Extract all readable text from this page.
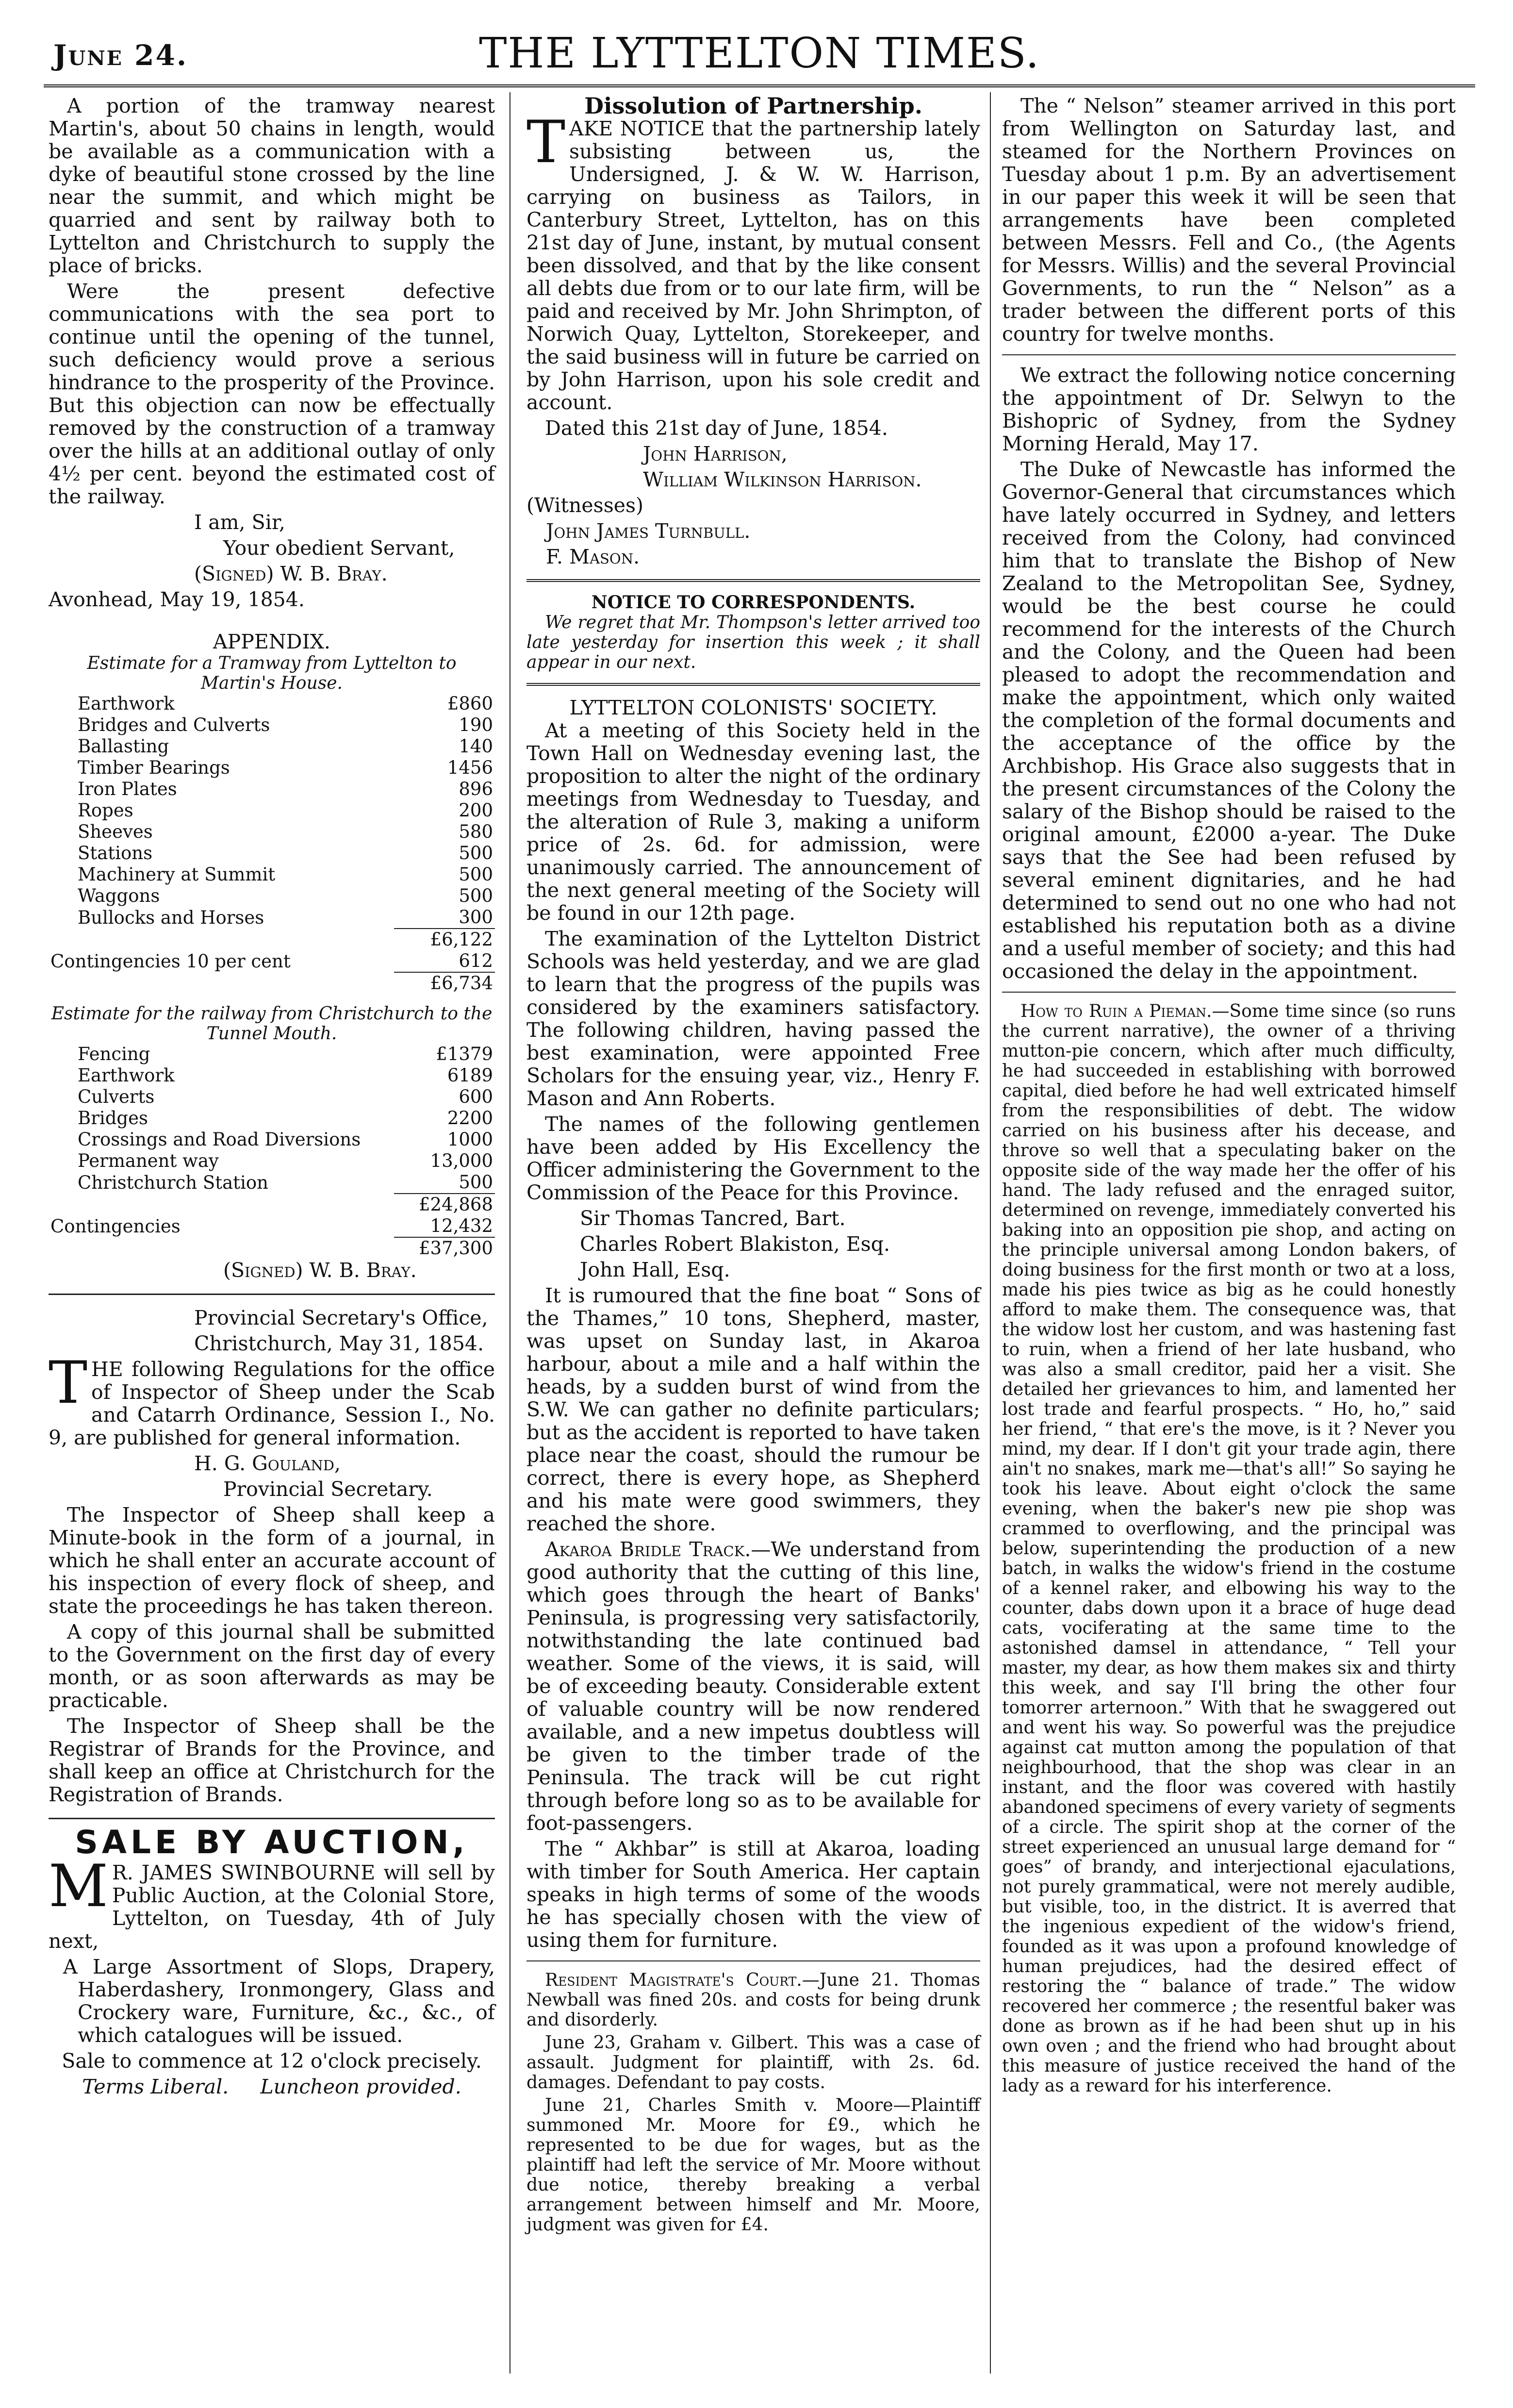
June 24.	THE LYTTELTON TIMES.

A portion of the tramway nearest Martin's, about 50 chains in length, would be available as a communication with a dyke of beautiful stone crossed by the line near the summit, and which might be quarried and sent by railway both to Lyttelton and Christchurch to supply the place of bricks.

Were the present defective communications with the sea port to continue until the opening of the tunnel, such deficiency would prove a serious hindrance to the prosperity of the Province. But this objection can now be effectually removed by the construction of a tramway over the hills at an additional outlay of only 4½ per cent. beyond the estimated cost of the railway.

I am, Sir,

Your obedient Servant,

(Signed) W. B. Bray.

Avonhead, May 19, 1854.

APPENDIX.
Estimate for a Tramway from Lyttelton to Martin's House.
Earthwork	£860
Bridges and Culverts	190
Ballasting	140
Timber Bearings	1456
Iron Plates	896
Ropes	200
Sheeves	580
Stations	500
Machinery at Summit	500
Waggons	500
Bullocks and Horses	300
	£6,122
Contingencies 10 per cent	612
	£6,734
Estimate for the railway from Christchurch to the Tunnel Mouth.
Fencing	£1379
Earthwork	6189
Culverts	600
Bridges	2200
Crossings and Road Diversions	1000
Permanent way	13,000
Christchurch Station	500
	£24,868
Contingencies	12,432
	£37,300

(Signed) W. B. Bray.

Provincial Secretary's Office,

Christchurch, May 31, 1854.

THE following Regulations for the office of Inspector of Sheep under the Scab and Catarrh Ordinance, Session I., No. 9, are published for general information.

H. G. Gouland,

Provincial Secretary.

The Inspector of Sheep shall keep a Minute-book in the form of a journal, in which he shall enter an accurate account of his inspection of every flock of sheep, and state the proceedings he has taken thereon.

A copy of this journal shall be submitted to the Government on the first day of every month, or as soon afterwards as may be practicable.

The Inspector of Sheep shall be the Registrar of Brands for the Province, and shall keep an office at Christchurch for the Registration of Brands.

SALE BY AUCTION,

M R. JAMES SWINBOURNE will sell by Public Auction, at the Colonial Store, Lyttelton, on Tuesday, 4th of July next,

A Large Assortment of Slops, Drapery, Haberdashery, Ironmongery, Glass and Crockery ware, Furniture, &c., &c., of which catalogues will be issued.

Sale to commence at 12 o'clock precisely.

Terms Liberal. Luncheon provided.

Dissolution of Partnership.

TAKE NOTICE that the partnership lately subsisting between us, the Undersigned, J. & W. W. Harrison, carrying on business as Tailors, in Canterbury Street, Lyttelton, has on this 21st day of June, instant, by mutual consent been dissolved, and that by the like consent all debts due from or to our late firm, will be paid and received by Mr. John Shrimpton, of Norwich Quay, Lyttelton, Storekeeper, and the said business will in future be carried on by John Harrison, upon his sole credit and account.

Dated this 21st day of June, 1854.

John Harrison,

William Wilkinson Harrison.

(Witnesses)

John James Turnbull.

F. Mason.

NOTICE TO CORRESPONDENTS.

We regret that Mr. Thompson's letter arrived too late yesterday for insertion this week ; it shall appear in our next.

LYTTELTON COLONISTS' SOCIETY.

At a meeting of this Society held in the Town Hall on Wednesday evening last, the proposition to alter the night of the ordinary meetings from Wednesday to Tuesday, and the alteration of Rule 3, making a uniform price of 2s. 6d. for admission, were unanimously carried. The announcement of the next general meeting of the Society will be found in our 12th page.

The examination of the Lyttelton District Schools was held yesterday, and we are glad to learn that the progress of the pupils was considered by the examiners satisfactory. The following children, having passed the best examination, were appointed Free Scholars for the ensuing year, viz., Henry F. Mason and Ann Roberts.

The names of the following gentlemen have been added by His Excellency the Officer administering the Government to the Commission of the Peace for this Province.

Sir Thomas Tancred, Bart.

Charles Robert Blakiston, Esq.

John Hall, Esq.

It is rumoured that the fine boat “ Sons of the Thames,” 10 tons, Shepherd, master, was upset on Sunday last, in Akaroa harbour, about a mile and a half within the heads, by a sudden burst of wind from the S.W. We can gather no definite particulars; but as the accident is reported to have taken place near the coast, should the rumour be correct, there is every hope, as Shepherd and his mate were good swimmers, they reached the shore.

Akaroa Bridle Track.—We understand from good authority that the cutting of this line, which goes through the heart of Banks' Peninsula, is progressing very satisfactorily, notwithstanding the late continued bad weather. Some of the views, it is said, will be of exceeding beauty. Considerable extent of valuable country will be now rendered available, and a new impetus doubtless will be given to the timber trade of the Peninsula. The track will be cut right through before long so as to be available for foot-passengers.

The “ Akhbar” is still at Akaroa, loading with timber for South America. Her captain speaks in high terms of some of the woods he has specially chosen with the view of using them for furniture.

Resident Magistrate's Court.—June 21. Thomas Newball was fined 20s. and costs for being drunk and disorderly.

June 23, Graham v. Gilbert. This was a case of assault. Judgment for plaintiff, with 2s. 6d. damages. Defendant to pay costs.

June 21, Charles Smith v. Moore—Plaintiff summoned Mr. Moore for £9., which he represented to be due for wages, but as the plaintiff had left the service of Mr. Moore without due notice, thereby breaking a verbal arrangement between himself and Mr. Moore, judgment was given for £4.

The “ Nelson” steamer arrived in this port from Wellington on Saturday last, and steamed for the Northern Provinces on Tuesday about 1 p.m. By an advertisement in our paper this week it will be seen that arrangements have been completed between Messrs. Fell and Co., (the Agents for Messrs. Willis) and the several Provincial Governments, to run the “ Nelson” as a trader between the different ports of this country for twelve months.

We extract the following notice concerning the appointment of Dr. Selwyn to the Bishopric of Sydney, from the Sydney Morning Herald, May 17.

The Duke of Newcastle has informed the Governor-General that circumstances which have lately occurred in Sydney, and letters received from the Colony, had convinced him that to translate the Bishop of New Zealand to the Metropolitan See, Sydney, would be the best course he could recommend for the interests of the Church and the Colony, and the Queen had been pleased to adopt the recommendation and make the appointment, which only waited the completion of the formal documents and the acceptance of the office by the Archbishop. His Grace also suggests that in the present circumstances of the Colony the salary of the Bishop should be raised to the original amount, £2000 a-year. The Duke says that the See had been refused by several eminent dignitaries, and he had determined to send out no one who had not established his reputation both as a divine and a useful member of society; and this had occasioned the delay in the appointment.

How to Ruin a Pieman.—Some time since (so runs the current narrative), the owner of a thriving mutton-pie concern, which after much difficulty, he had succeeded in establishing with borrowed capital, died before he had well extricated himself from the responsibilities of debt. The widow carried on his business after his decease, and throve so well that a speculating baker on the opposite side of the way made her the offer of his hand. The lady refused and the enraged suitor, determined on revenge, immediately converted his baking into an opposition pie shop, and acting on the principle universal among London bakers, of doing business for the first month or two at a loss, made his pies twice as big as he could honestly afford to make them. The consequence was, that the widow lost her custom, and was hastening fast to ruin, when a friend of her late husband, who was also a small creditor, paid her a visit. She detailed her grievances to him, and lamented her lost trade and fearful prospects. “ Ho, ho,” said her friend, “ that ere's the move, is it ? Never you mind, my dear. If I don't git your trade agin, there ain't no snakes, mark me—that's all!” So saying he took his leave. About eight o'clock the same evening, when the baker's new pie shop was crammed to overflowing, and the principal was below, superintending the production of a new batch, in walks the widow's friend in the costume of a kennel raker, and elbowing his way to the counter, dabs down upon it a brace of huge dead cats, vociferating at the same time to the astonished damsel in attendance, “ Tell your master, my dear, as how them makes six and thirty this week, and say I'll bring the other four tomorrer arternoon.” With that he swaggered out and went his way. So powerful was the prejudice against cat mutton among the population of that neighbourhood, that the shop was clear in an instant, and the floor was covered with hastily abandoned specimens of every variety of segments of a circle. The spirit shop at the corner of the street experienced an unusual large demand for “ goes” of brandy, and interjectional ejaculations, not purely grammatical, were not merely audible, but visible, too, in the district. It is averred that the ingenious expedient of the widow's friend, founded as it was upon a profound knowledge of human prejudices, had the desired effect of restoring the “ balance of trade.” The widow recovered her commerce ; the resentful baker was done as brown as if he had been shut up in his own oven ; and the friend who had brought about this measure of justice received the hand of the lady as a reward for his interference.
